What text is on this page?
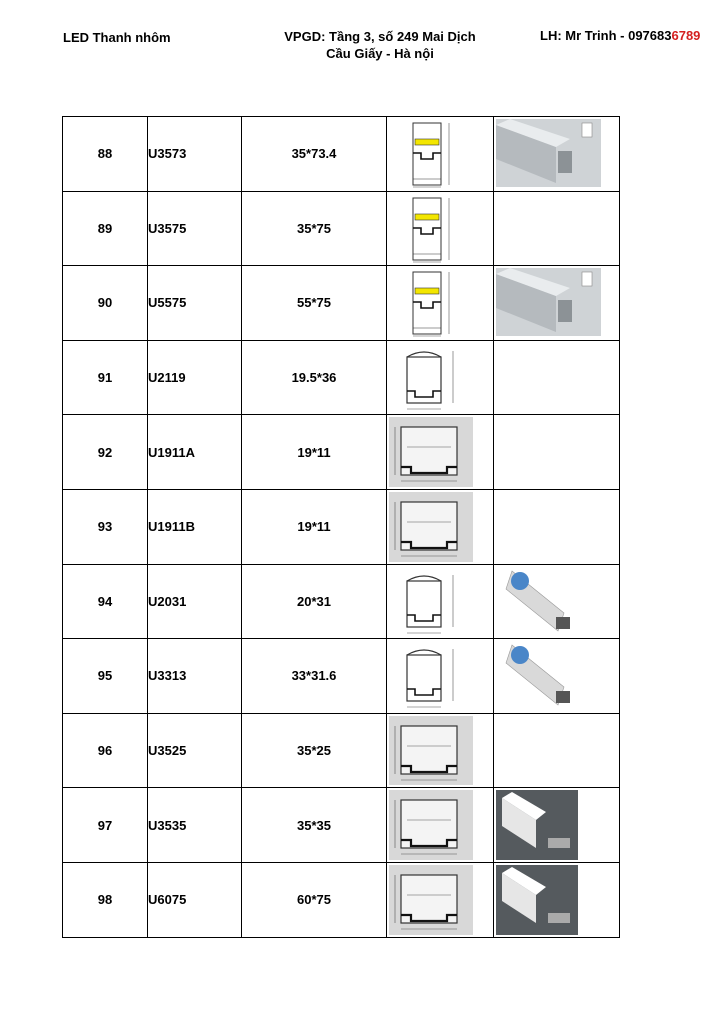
LED Thanh nhôm	VPGD: Tầng 3, số 249 Mai Dịch
Cầu Giấy - Hà nội
LH: Mr Trinh - 0976836789
88	U3573	35*73.4	

89	U3575	35*75	

90	U5575	55*75	

91	U2119	19.5*36	

92	U1911A	19*11	

93	U1911B	19*11	

94	U2031	20*31	

95	U3313	33*31.6	

96	U3525	35*25	

97	U3535	35*35	

98	U6075	60*75	
